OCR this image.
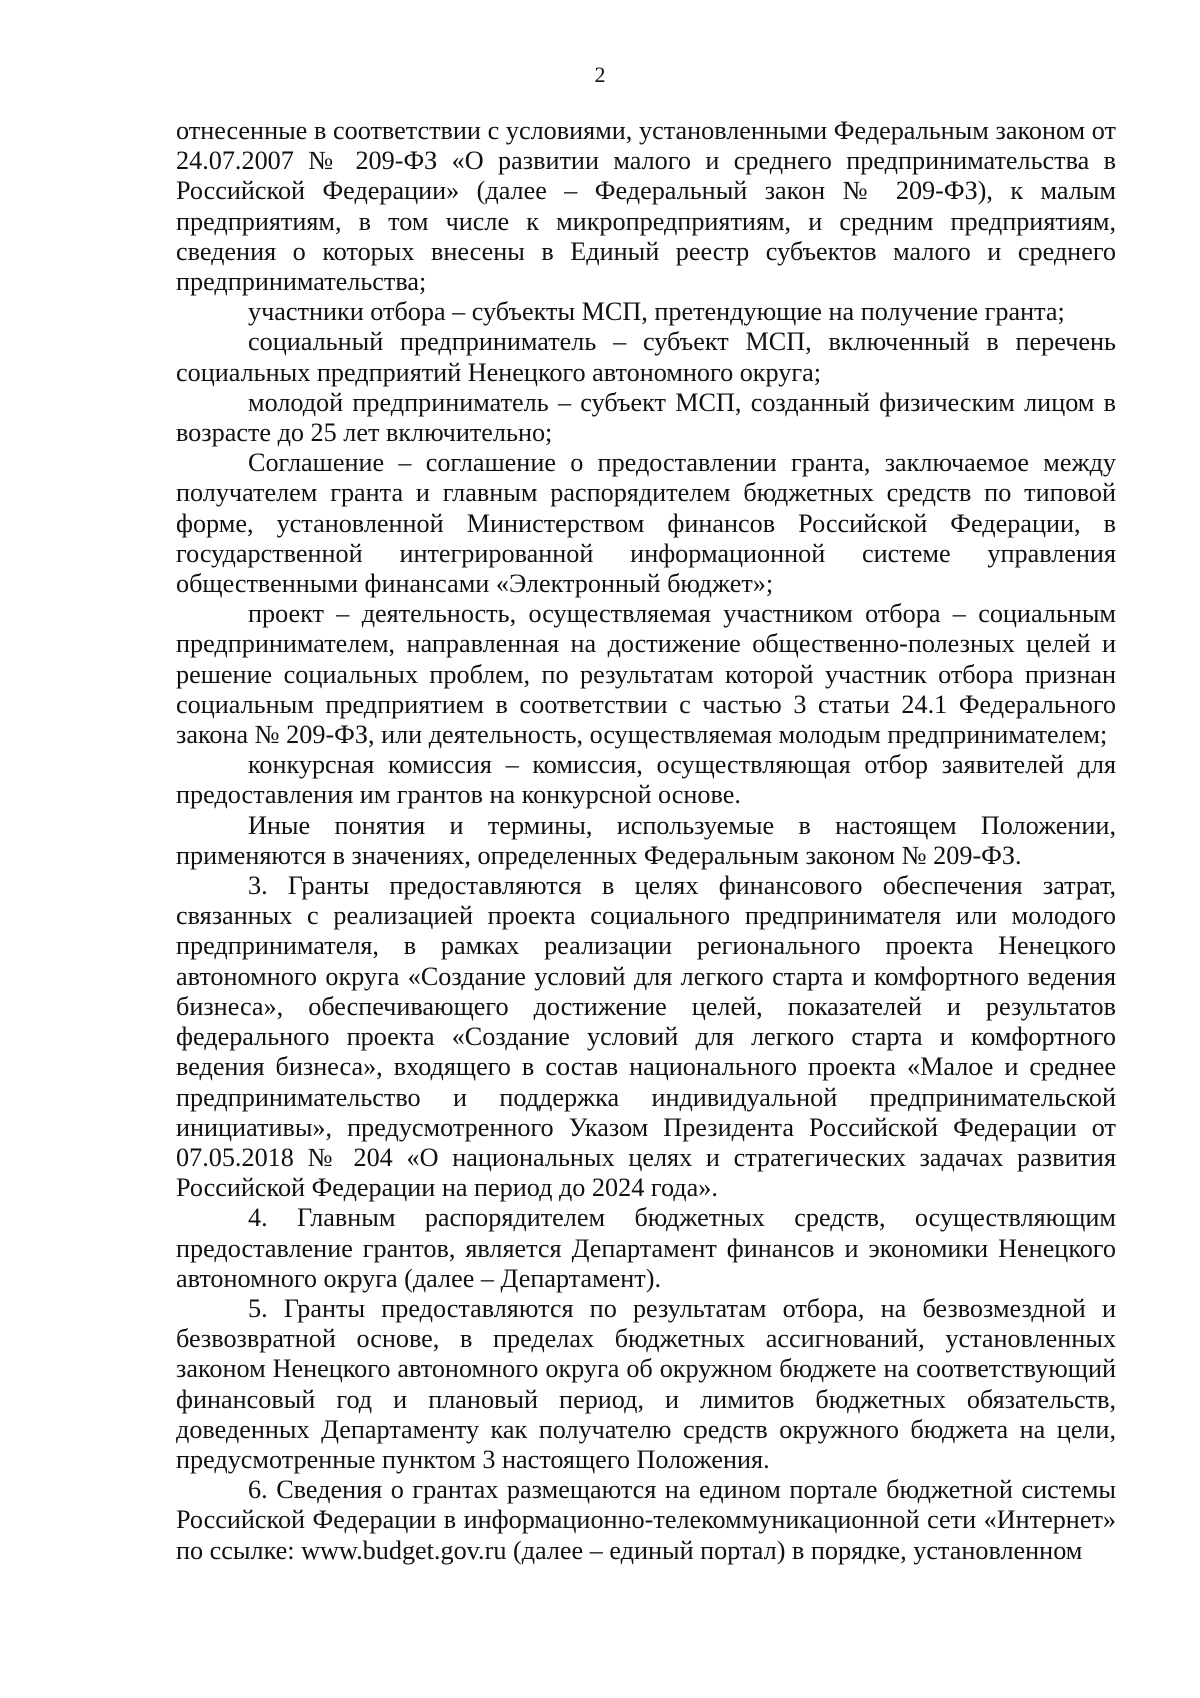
2

отнесенные в соответствии с условиями, установленными Федеральным законом от 24.07.2007 № 209-ФЗ «О развитии малого и среднего предпринимательства в Российской Федерации» (далее – Федеральный закон № 209-ФЗ), к малым предприятиям, в том числе к микропредприятиям, и средним предприятиям, сведения о которых внесены в Единый реестр субъектов малого и среднего предпринимательства;

участники отбора – субъекты МСП, претендующие на получение гранта;

социальный предприниматель – субъект МСП, включенный в перечень социальных предприятий Ненецкого автономного округа;

молодой предприниматель – субъект МСП, созданный физическим лицом в возрасте до 25 лет включительно;

Соглашение – соглашение о предоставлении гранта, заключаемое между получателем гранта и главным распорядителем бюджетных средств по типовой форме, установленной Министерством финансов Российской Федерации, в государственной интегрированной информационной системе управления общественными финансами «Электронный бюджет»;

проект – деятельность, осуществляемая участником отбора – социальным предпринимателем, направленная на достижение общественно-полезных целей и решение социальных проблем, по результатам которой участник отбора признан социальным предприятием в соответствии с частью 3 статьи 24.1 Федерального закона № 209-ФЗ, или деятельность, осуществляемая молодым предпринимателем;

конкурсная комиссия – комиссия, осуществляющая отбор заявителей для предоставления им грантов на конкурсной основе.

Иные понятия и термины, используемые в настоящем Положении, применяются в значениях, определенных Федеральным законом № 209-ФЗ.

3. Гранты предоставляются в целях финансового обеспечения затрат, связанных с реализацией проекта социального предпринимателя или молодого предпринимателя, в рамках реализации регионального проекта Ненецкого автономного округа «Создание условий для легкого старта и комфортного ведения бизнеса», обеспечивающего достижение целей, показателей и результатов федерального проекта «Создание условий для легкого старта и комфортного ведения бизнеса», входящего в состав национального проекта «Малое и среднее предпринимательство и поддержка индивидуальной предпринимательской инициативы», предусмотренного Указом Президента Российской Федерации от 07.05.2018 № 204 «О национальных целях и стратегических задачах развития Российской Федерации на период до 2024 года».

4. Главным распорядителем бюджетных средств, осуществляющим предоставление грантов, является Департамент финансов и экономики Ненецкого автономного округа (далее – Департамент).

5. Гранты предоставляются по результатам отбора, на безвозмездной и безвозвратной основе, в пределах бюджетных ассигнований, установленных законом Ненецкого автономного округа об окружном бюджете на соответствующий финансовый год и плановый период, и лимитов бюджетных обязательств, доведенных Департаменту как получателю средств окружного бюджета на цели, предусмотренные пунктом 3 настоящего Положения.

6. Сведения о грантах размещаются на едином портале бюджетной системы Российской Федерации в информационно-телекоммуникационной сети «Интернет» по ссылке: www.budget.gov.ru (далее – единый портал) в порядке, установленном
